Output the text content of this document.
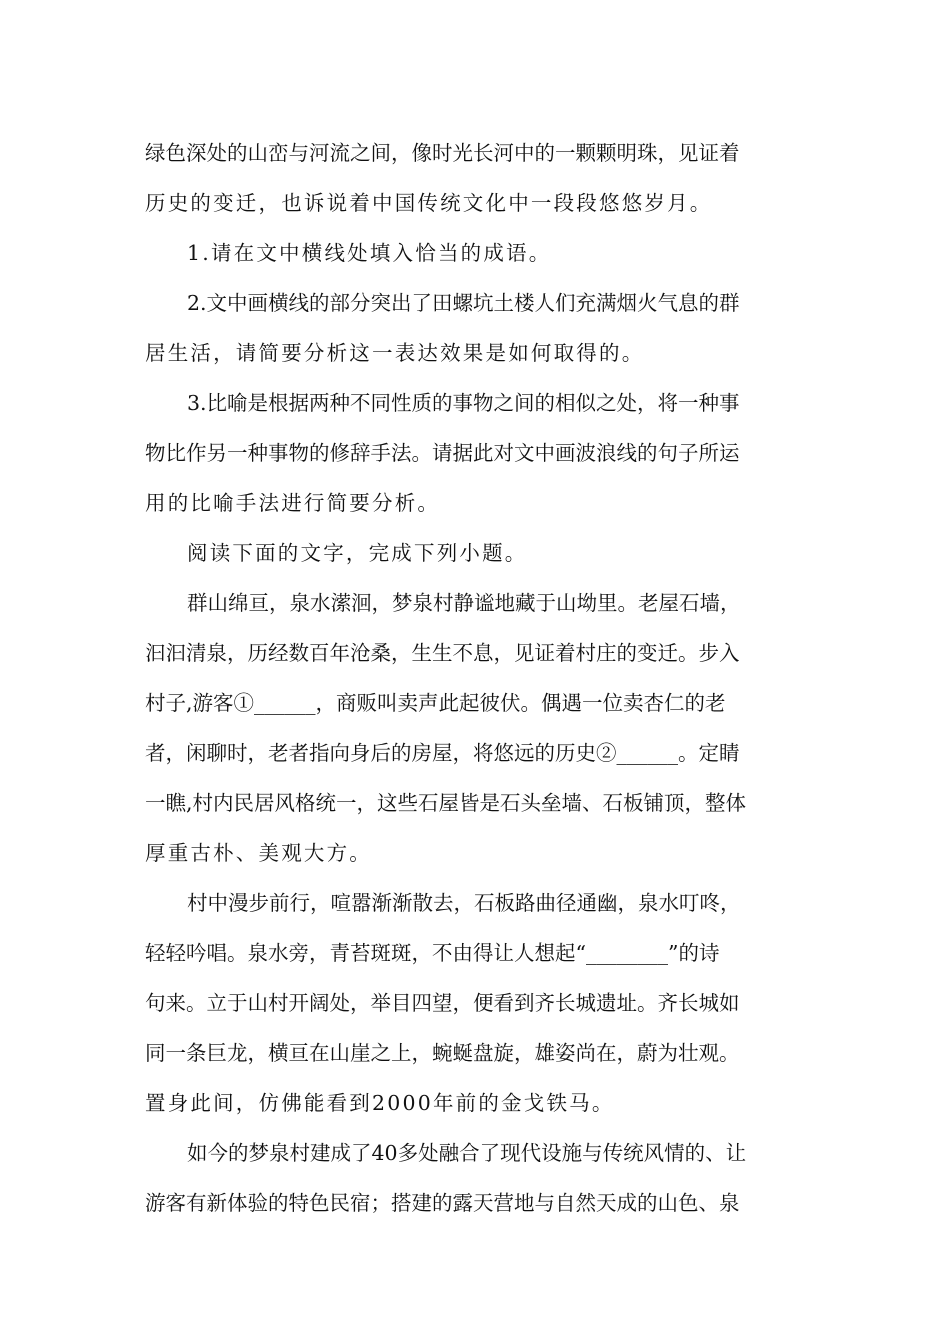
绿色深处的山峦与河流之间，像时光长河中的一颗颗明珠，见证着
历史的变迁，也诉说着中国传统文化中一段段悠悠岁月。
1.请在文中横线处填入恰当的成语。
2.文中画横线的部分突出了田螺坑土楼人们充满烟火气息的群
居生活，请简要分析这一表达效果是如何取得的。
3.比喻是根据两种不同性质的事物之间的相似之处，将一种事
物比作另一种事物的修辞手法。请据此对文中画波浪线的句子所运
用的比喻手法进行简要分析。
阅读下面的文字，完成下列小题。
群山绵亘，泉水潆洄，梦泉村静谧地藏于山坳里。老屋石墙，
汩汩清泉，历经数百年沧桑，生生不息，见证着村庄的变迁。步入
村子,游客①______，商贩叫卖声此起彼伏。偶遇一位卖杏仁的老
者，闲聊时，老者指向身后的房屋，将悠远的历史②______。定睛
一瞧,村内民居风格统一，这些石屋皆是石头垒墙、石板铺顶，整体
厚重古朴、美观大方。
村中漫步前行，喧嚣渐渐散去，石板路曲径通幽，泉水叮咚，
轻轻吟唱。泉水旁，青苔斑斑，不由得让人想起“________”的诗
句来。立于山村开阔处，举目四望，便看到齐长城遗址。齐长城如
同一条巨龙，横亘在山崖之上，蜿蜒盘旋，雄姿尚在，蔚为壮观。
置身此间，仿佛能看到2000年前的金戈铁马。
如今的梦泉村建成了40多处融合了现代设施与传统风情的、让
游客有新体验的特色民宿；搭建的露天营地与自然天成的山色、泉
